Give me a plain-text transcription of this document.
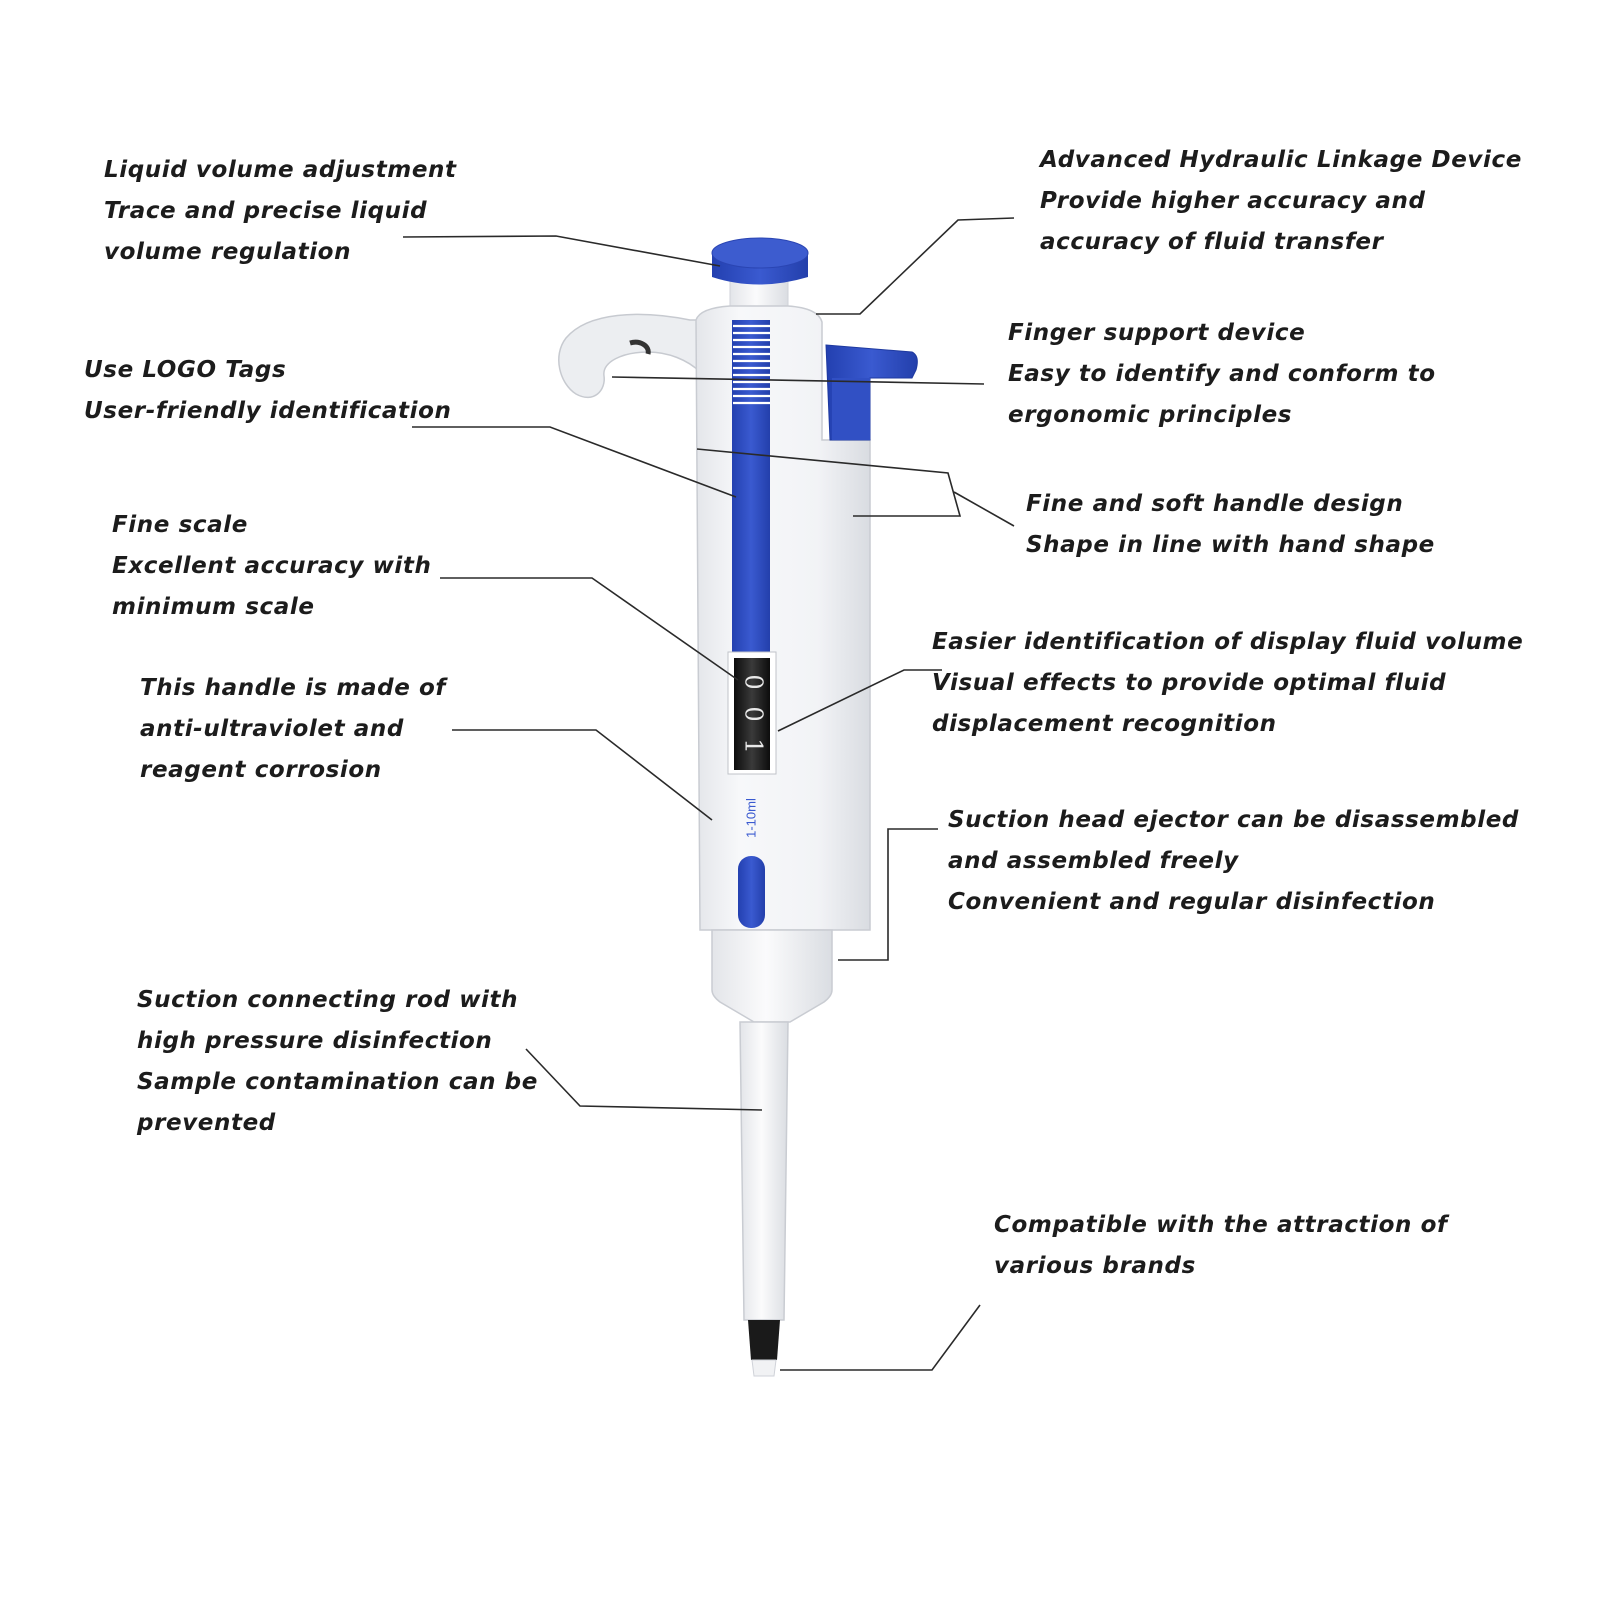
0
0
1
1-10ml
Liquid volume adjustment
Trace and precise liquid
volume regulation
Use LOGO Tags
User-friendly identification
Fine scale
Excellent accuracy with
minimum scale
This handle is made of
anti-ultraviolet and
reagent corrosion
Suction connecting rod with
high pressure disinfection
Sample contamination can be
prevented
Advanced Hydraulic Linkage Device
Provide higher accuracy and
accuracy of fluid transfer
Finger support device
Easy to identify and conform to
ergonomic principles
Fine and soft handle design
Shape in line with hand shape
Easier identification of display fluid volume
Visual effects to provide optimal fluid
displacement recognition
Suction head ejector can be disassembled
and assembled freely
Convenient and regular disinfection
Compatible with the attraction of
various brands
